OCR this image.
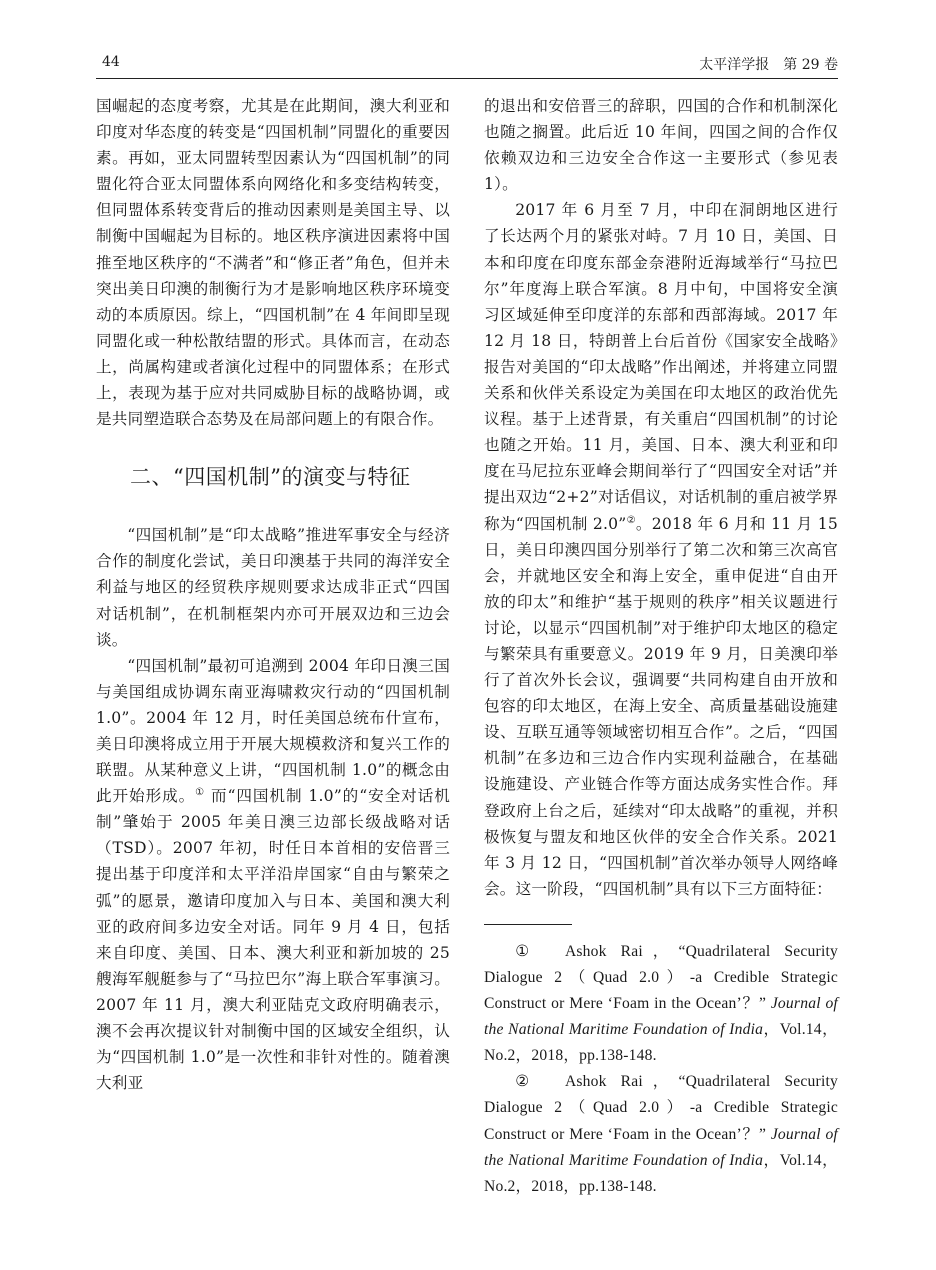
44	太平洋学报　第 29 卷

国崛起的态度考察，尤其是在此期间，澳大利亚和印度对华态度的转变是“四国机制”同盟化的重要因素。再如，亚太同盟转型因素认为“四国机制”的同盟化符合亚太同盟体系向网络化和多变结构转变，但同盟体系转变背后的推动因素则是美国主导、以制衡中国崛起为目标的。地区秩序演进因素将中国推至地区秩序的“不满者”和“修正者”角色，但并未突出美日印澳的制衡行为才是影响地区秩序环境变动的本质原因。综上，“四国机制”在 4 年间即呈现同盟化或一种松散结盟的形式。具体而言，在动态上，尚属构建或者演化过程中的同盟体系；在形式上，表现为基于应对共同威胁目标的战略协调，或是共同塑造联合态势及在局部问题上的有限合作。

二、“四国机制”的演变与特征

“四国机制”是“印太战略”推进军事安全与经济合作的制度化尝试，美日印澳基于共同的海洋安全利益与地区的经贸秩序规则要求达成非正式“四国对话机制”，在机制框架内亦可开展双边和三边会谈。

“四国机制”最初可追溯到 2004 年印日澳三国与美国组成协调东南亚海啸救灾行动的“四国机制 1.0”。2004 年 12 月，时任美国总统布什宣布，美日印澳将成立用于开展大规模救济和复兴工作的联盟。从某种意义上讲，“四国机制 1.0”的概念由此开始形成。① 而“四国机制 1.0”的“安全对话机制”肇始于 2005 年美日澳三边部长级战略对话（TSD）。2007 年初，时任日本首相的安倍晋三提出基于印度洋和太平洋沿岸国家“自由与繁荣之弧”的愿景，邀请印度加入与日本、美国和澳大利亚的政府间多边安全对话。同年 9 月 4 日，包括来自印度、美国、日本、澳大利亚和新加坡的 25 艘海军舰艇参与了“马拉巴尔”海上联合军事演习。2007 年 11 月，澳大利亚陆克文政府明确表示，澳不会再次提议针对制衡中国的区域安全组织，认为“四国机制 1.0”是一次性和非针对性的。随着澳大利亚

的退出和安倍晋三的辞职，四国的合作和机制深化也随之搁置。此后近 10 年间，四国之间的合作仅依赖双边和三边安全合作这一主要形式（参见表 1）。

2017 年 6 月至 7 月，中印在洞朗地区进行了长达两个月的紧张对峙。7 月 10 日，美国、日本和印度在印度东部金奈港附近海域举行“马拉巴尔”年度海上联合军演。8 月中旬，中国将安全演习区域延伸至印度洋的东部和西部海域。2017 年 12 月 18 日，特朗普上台后首份《国家安全战略》报告对美国的“印太战略”作出阐述，并将建立同盟关系和伙伴关系设定为美国在印太地区的政治优先议程。基于上述背景，有关重启“四国机制”的讨论也随之开始。11 月，美国、日本、澳大利亚和印度在马尼拉东亚峰会期间举行了“四国安全对话”并提出双边“2+2”对话倡议，对话机制的重启被学界称为“四国机制 2.0”②。2018 年 6 月和 11 月 15 日，美日印澳四国分别举行了第二次和第三次高官会，并就地区安全和海上安全，重申促进“自由开放的印太”和维护“基于规则的秩序”相关议题进行讨论，以显示“四国机制”对于维护印太地区的稳定与繁荣具有重要意义。2019 年 9 月，日美澳印举行了首次外长会议，强调要“共同构建自由开放和包容的印太地区，在海上安全、高质量基础设施建设、互联互通等领域密切相互合作”。之后，“四国机制”在多边和三边合作内实现利益融合，在基础设施建设、产业链合作等方面达成务实性合作。拜登政府上台之后，延续对“印太战略”的重视，并积极恢复与盟友和地区伙伴的安全合作关系。2021 年 3 月 12 日，“四国机制”首次举办领导人网络峰会。这一阶段，“四国机制”具有以下三方面特征：

①　 Ashok Rai，“Quadrilateral Security Dialogue 2（Quad 2.0）-a Credible Strategic Construct or Mere ‘Foam in the Ocean’？” Journal of the National Maritime Foundation of India，Vol.14，No.2，2018，pp.138-148.

②　 Ashok Rai，“Quadrilateral Security Dialogue 2（Quad 2.0）-a Credible Strategic Construct or Mere ‘Foam in the Ocean’？” Journal of the National Maritime Foundation of India，Vol.14，No.2，2018，pp.138-148.
